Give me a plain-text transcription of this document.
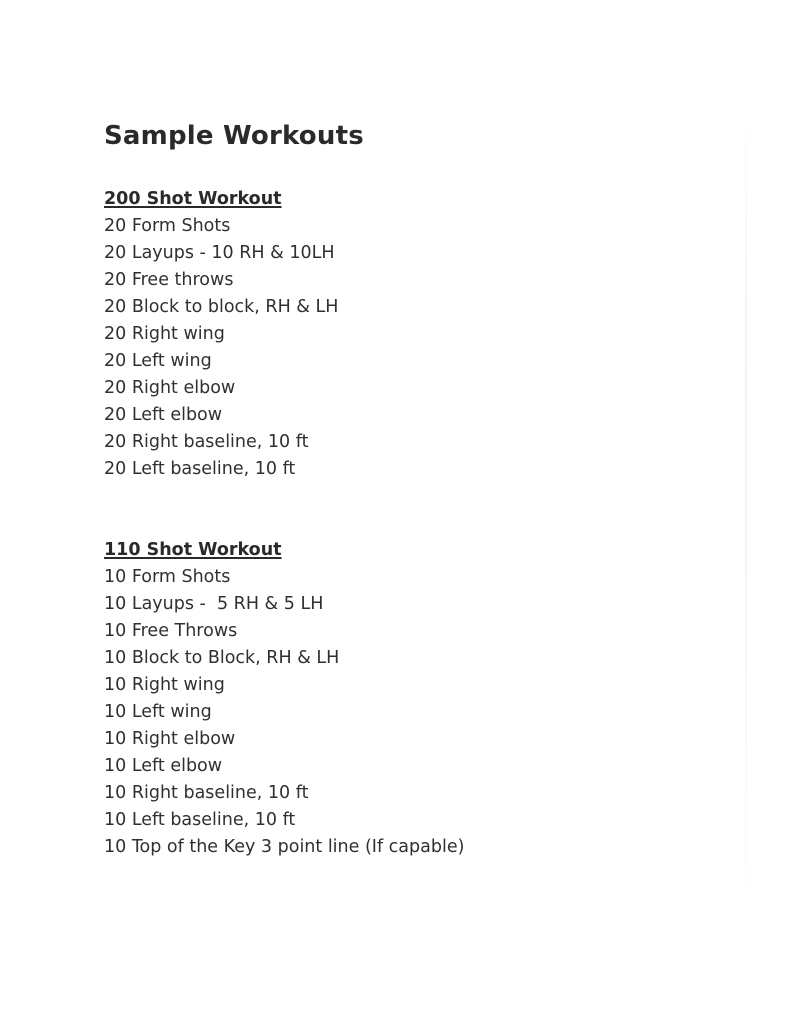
Sample Workouts
200 Shot Workout
20 Form Shots
20 Layups - 10 RH & 10LH
20 Free throws
20 Block to block, RH & LH
20 Right wing
20 Left wing
20 Right elbow
20 Left elbow
20 Right baseline, 10 ft
20 Left baseline, 10 ft
110 Shot Workout
10 Form Shots
10 Layups -  5 RH & 5 LH
10 Free Throws
10 Block to Block, RH & LH
10 Right wing
10 Left wing
10 Right elbow
10 Left elbow
10 Right baseline, 10 ft
10 Left baseline, 10 ft
10 Top of the Key 3 point line (If capable)
